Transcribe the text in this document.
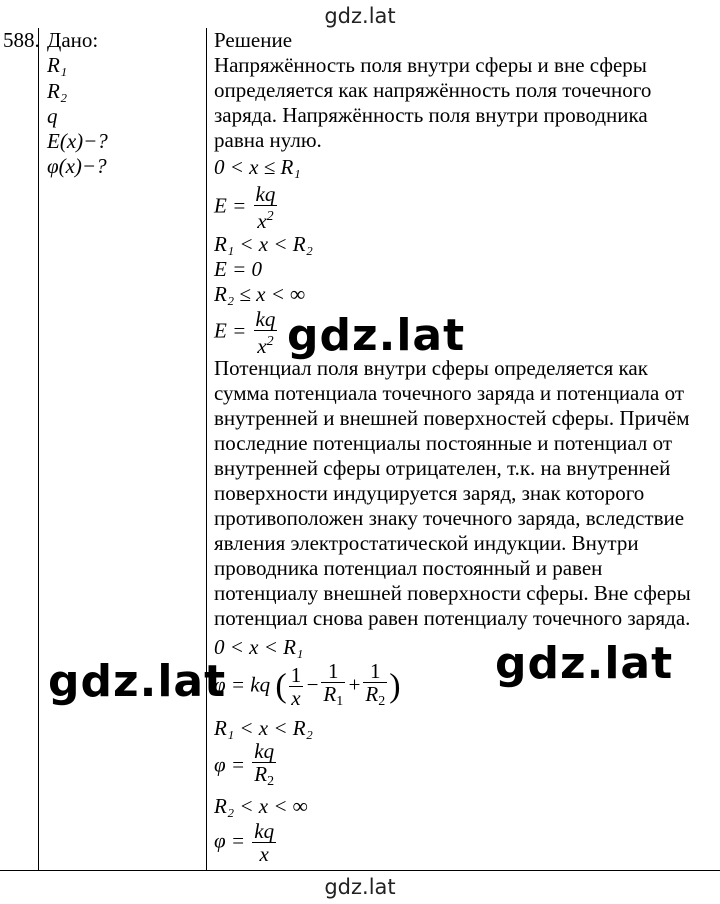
gdz.lat
gdz.lat
588. Дано:
R₁
R₂
q
E(x)−?
φ(x)−?
Решение

Напряжённость поля внутри сферы и вне сферы

определяется как напряжённость поля точечного

заряда. Напряжённость поля внутри проводника

равна нулю.

0 < x ≤ R₁
$E = \frac{kq}{x^2}$
R₁ < x < R₂
E = 0
R₂ ≤ x < ∞
$E = \frac{kq}{x^2} gdz.lat$

Потенциал поля внутри сферы определяется как

сумма потенциала точечного заряда и потенциала от

внутренней и внешней поверхностей сферы. Причём

последние потенциалы постоянные и потенциал от

внутренней сферы отрицателен, т.к. на внутренней

поверхности индуцируется заряд, знак которого

противоположен знаку точечного заряда, вследствие

явления электростатической индукции. Внутри

проводника потенциал постоянный и равен

потенциалу внешней поверхности сферы. Вне сферы

потенциал снова равен потенциалу точечного заряда.

0 < x < R₁
φ = kq ( $\frac{1}{x} - \frac{1}{R_1} + \frac{1}{R_2}$ )
gdz.lat	gdz.lat
R₁ < x < R₂
$\varphi = \frac{kq}{R_2}$
R₂ < x < ∞
$\varphi = \frac{kq}{x}$
